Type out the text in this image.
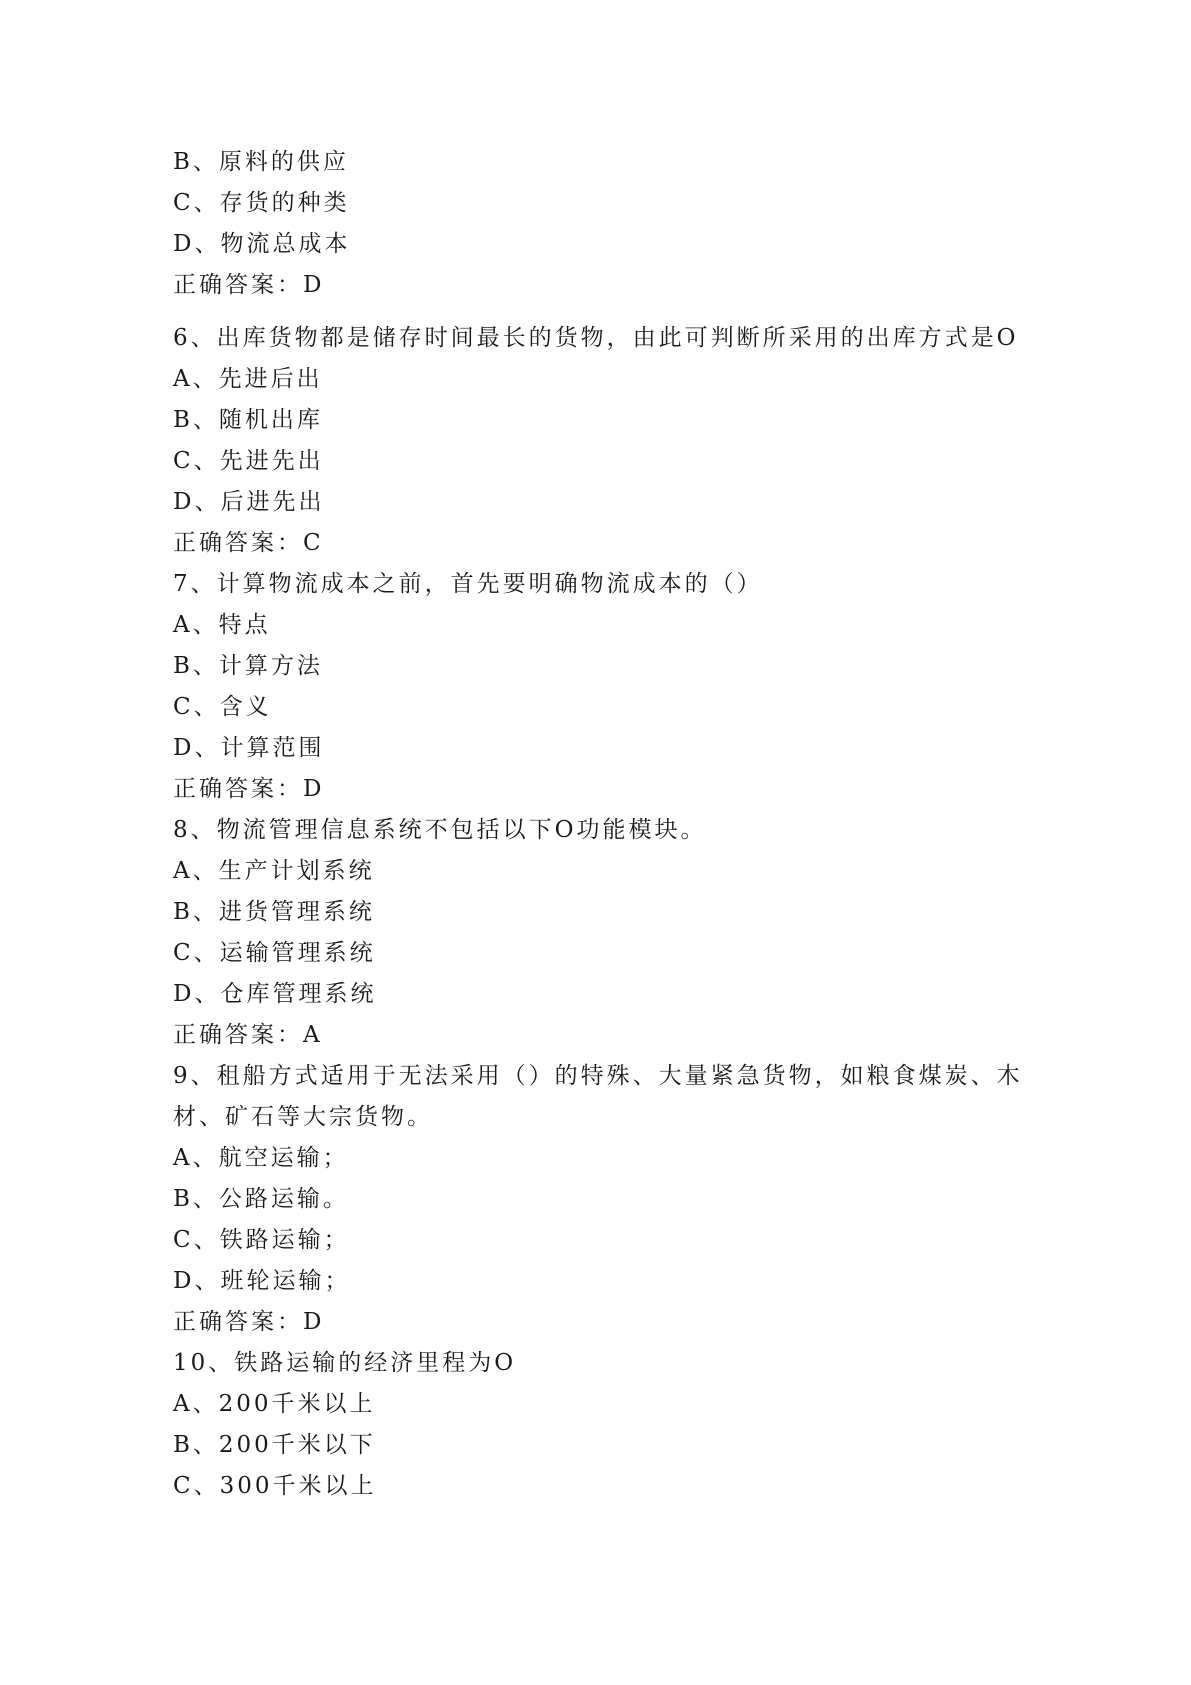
B、原料的供应
C、存货的种类
D、物流总成本
正确答案：D
6、出库货物都是储存时间最长的货物，由此可判断所采用的出库方式是O
A、先进后出
B、随机出库
C、先进先出
D、后进先出
正确答案：C
7、计算物流成本之前，首先要明确物流成本的（）
A、特点
B、计算方法
C、含义
D、计算范围
正确答案：D
8、物流管理信息系统不包括以下O功能模块。
A、生产计划系统
B、进货管理系统
C、运输管理系统
D、仓库管理系统
正确答案：A
9、租船方式适用于无法采用（）的特殊、大量紧急货物，如粮食煤炭、木材、矿石等大宗货物。
A、航空运输；
B、公路运输。
C、铁路运输；
D、班轮运输；
正确答案：D
10、铁路运输的经济里程为O
A、200千米以上
B、200千米以下
C、300千米以上
